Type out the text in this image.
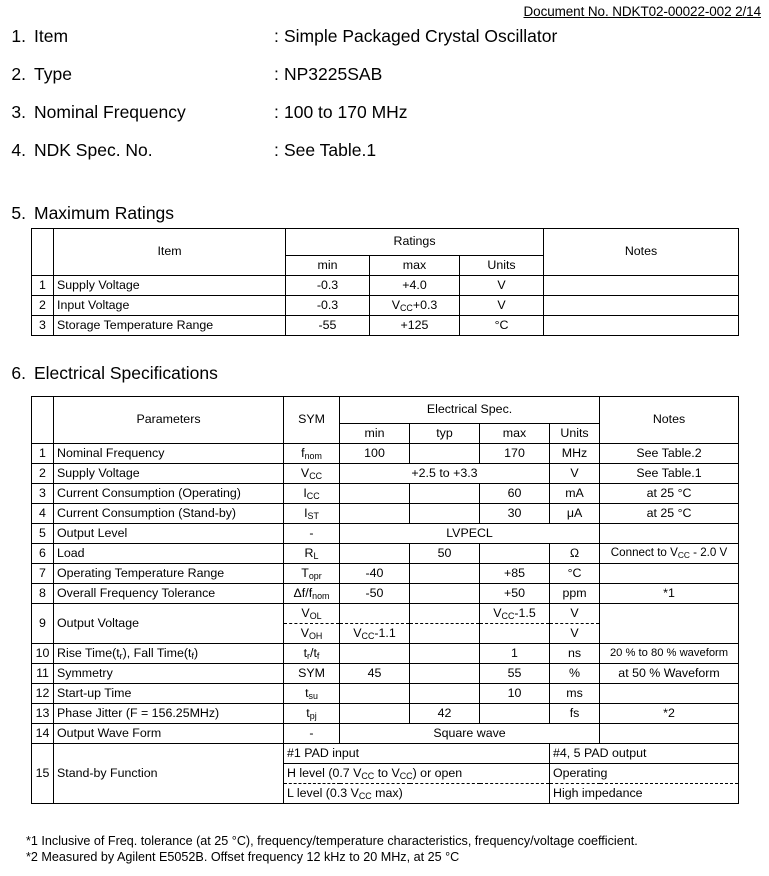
Document No. NDKT02-00022-002 2/14
1. Item	: Simple Packaged Crystal Oscillator
2. Type	: NP3225SAB
3. Nominal Frequency	: 100 to 170 MHz
4. NDK Spec. No.	: See Table.1
5. Maximum Ratings
	Item	Ratings			Notes
		min	max	Units	
1	Supply Voltage	-0.3	+4.0	V	
2	Input Voltage	-0.3	$V_{CC}+0.3$	V	
3	Storage Temperature Range	-55	+125	°C	
6. Electrical Specifications
	Parameters	SYM	Electrical Spec.				Notes
			min	typ	max	Units	
1	Nominal Frequency	$f_{nom}$	100		170	MHz	See Table.2
2	Supply Voltage	$V_{CC}$	+2.5 to +3.3			V	See Table.1
3	Current Consumption (Operating)	$I_{CC}$			60	mA	at 25 °C
4	Current Consumption (Stand-by)	$I_{ST}$			30	μA	at 25 °C
5	Output Level	-	LVPECL				
6	Load	$R_L$		50		Ω	Connect to $V_{CC} - 2.0$ V
7	Operating Temperature Range	$T_{opr}$	-40		+85	°C	
8	Overall Frequency Tolerance	$\Delta f/f_{nom}$	-50		+50	ppm	*1
9	Output Voltage	$V_{OL}$			$V_{CC}-1.5$	V	
		$V_{OH}$	$V_{CC}-1.1$			V	
10	Rise $Time(t_r)$, Fall $Time(t_f)$	$t_r/t_f$			1	ns	20 % to 80 % waveform
11	Symmetry	SYM	45		55	%	at 50 % Waveform
12	Start-up Time	$t_{su}$			10	ms	
13	Phase Jitter (F = 156.25MHz)	$t_{pj}$		42		fs	*2
14	Output Wave Form	-	Square wave				
15	Stand-by Function	#1 PAD input				#4, 5 PAD output	
		H level (0.7 $V_{CC}$ to $V_{CC}$) or open				Operating	
		L level (0.3 $V_{CC}$ max)				High impedance	
*1 Inclusive of Freq. tolerance (at 25 °C), frequency/temperature characteristics, frequency/voltage coefficient.
*2 Measured by Agilent E5052B. Offset frequency 12 kHz to 20 MHz, at 25 °C
